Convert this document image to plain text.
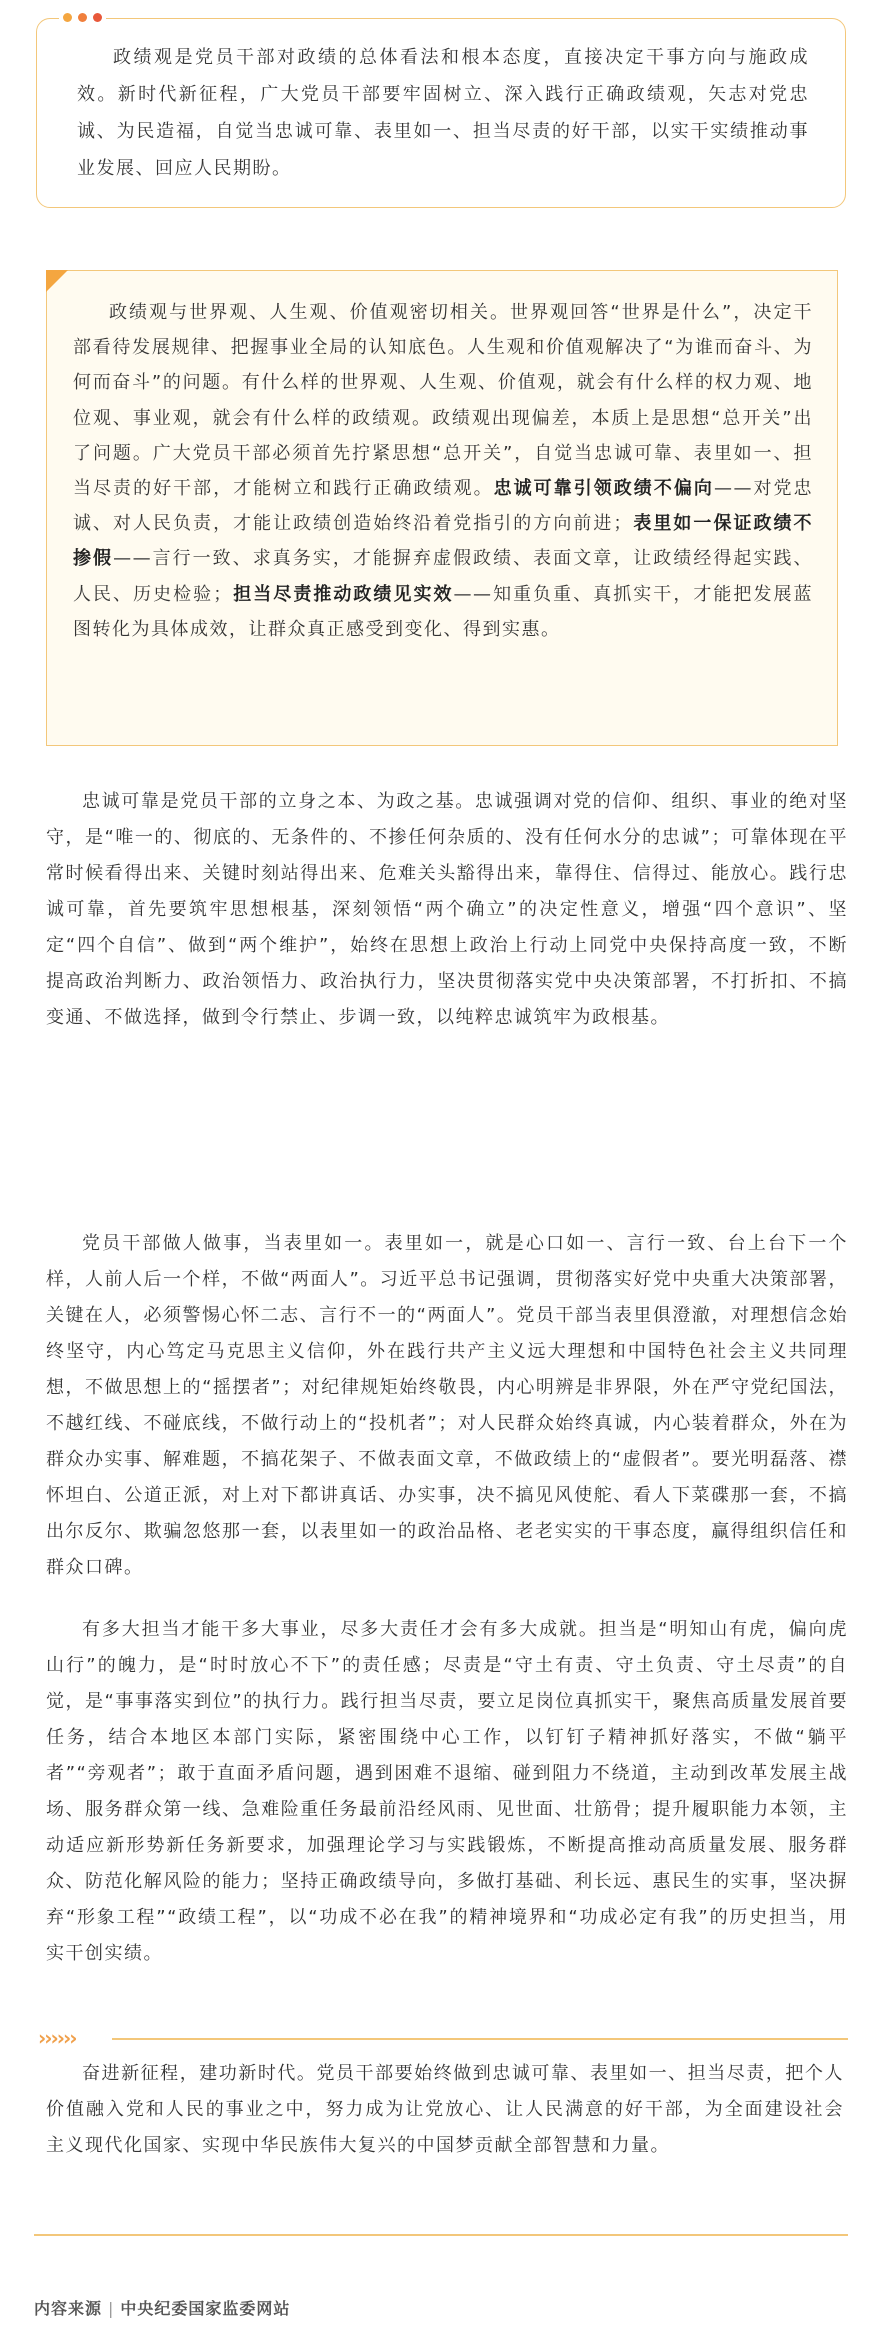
政绩观是党员干部对政绩的总体看法和根本态度，直接决定干事方向与施政成效。新时代新征程，广大党员干部要牢固树立、深入践行正确政绩观，矢志对党忠诚、为民造福，自觉当忠诚可靠、表里如一、担当尽责的好干部，以实干实绩推动事业发展、回应人民期盼。

政绩观与世界观、人生观、价值观密切相关。世界观回答“世界是什么”，决定干部看待发展规律、把握事业全局的认知底色。人生观和价值观解决了“为谁而奋斗、为何而奋斗”的问题。有什么样的世界观、人生观、价值观，就会有什么样的权力观、地位观、事业观，就会有什么样的政绩观。政绩观出现偏差，本质上是思想“总开关”出了问题。广大党员干部必须首先拧紧思想“总开关”，自觉当忠诚可靠、表里如一、担当尽责的好干部，才能树立和践行正确政绩观。忠诚可靠引领政绩不偏向——对党忠诚、对人民负责，才能让政绩创造始终沿着党指引的方向前进；表里如一保证政绩不掺假——言行一致、求真务实，才能摒弃虚假政绩、表面文章，让政绩经得起实践、人民、历史检验；担当尽责推动政绩见实效——知重负重、真抓实干，才能把发展蓝图转化为具体成效，让群众真正感受到变化、得到实惠。

忠诚可靠是党员干部的立身之本、为政之基。忠诚强调对党的信仰、组织、事业的绝对坚守，是“唯一的、彻底的、无条件的、不掺任何杂质的、没有任何水分的忠诚”；可靠体现在平常时候看得出来、关键时刻站得出来、危难关头豁得出来，靠得住、信得过、能放心。践行忠诚可靠，首先要筑牢思想根基，深刻领悟“两个确立”的决定性意义，增强“四个意识”、坚定“四个自信”、做到“两个维护”，始终在思想上政治上行动上同党中央保持高度一致，不断提高政治判断力、政治领悟力、政治执行力，坚决贯彻落实党中央决策部署，不打折扣、不搞变通、不做选择，做到令行禁止、步调一致，以纯粹忠诚筑牢为政根基。

党员干部做人做事，当表里如一。表里如一，就是心口如一、言行一致、台上台下一个样，人前人后一个样，不做“两面人”。习近平总书记强调，贯彻落实好党中央重大决策部署，关键在人，必须警惕心怀二志、言行不一的“两面人”。党员干部当表里俱澄澈，对理想信念始终坚守，内心笃定马克思主义信仰，外在践行共产主义远大理想和中国特色社会主义共同理想，不做思想上的“摇摆者”；对纪律规矩始终敬畏，内心明辨是非界限，外在严守党纪国法，不越红线、不碰底线，不做行动上的“投机者”；对人民群众始终真诚，内心装着群众，外在为群众办实事、解难题，不搞花架子、不做表面文章，不做政绩上的“虚假者”。要光明磊落、襟怀坦白、公道正派，对上对下都讲真话、办实事，决不搞见风使舵、看人下菜碟那一套，不搞出尔反尔、欺骗忽悠那一套，以表里如一的政治品格、老老实实的干事态度，赢得组织信任和群众口碑。

有多大担当才能干多大事业，尽多大责任才会有多大成就。担当是“明知山有虎，偏向虎山行”的魄力，是“时时放心不下”的责任感；尽责是“守土有责、守土负责、守土尽责”的自觉，是“事事落实到位”的执行力。践行担当尽责，要立足岗位真抓实干，聚焦高质量发展首要任务，结合本地区本部门实际，紧密围绕中心工作，以钉钉子精神抓好落实，不做“躺平者”“旁观者”；敢于直面矛盾问题，遇到困难不退缩、碰到阻力不绕道，主动到改革发展主战场、服务群众第一线、急难险重任务最前沿经风雨、见世面、壮筋骨；提升履职能力本领，主动适应新形势新任务新要求，加强理论学习与实践锻炼，不断提高推动高质量发展、服务群众、防范化解风险的能力；坚持正确政绩导向，多做打基础、利长远、惠民生的实事，坚决摒弃“形象工程”“政绩工程”，以“功成不必在我”的精神境界和“功成必定有我”的历史担当，用实干创实绩。

››››››

奋进新征程，建功新时代。党员干部要始终做到忠诚可靠、表里如一、担当尽责，把个人价值融入党和人民的事业之中，努力成为让党放心、让人民满意的好干部，为全面建设社会主义现代化国家、实现中华民族伟大复兴的中国梦贡献全部智慧和力量。

内容来源 | 中央纪委国家监委网站
